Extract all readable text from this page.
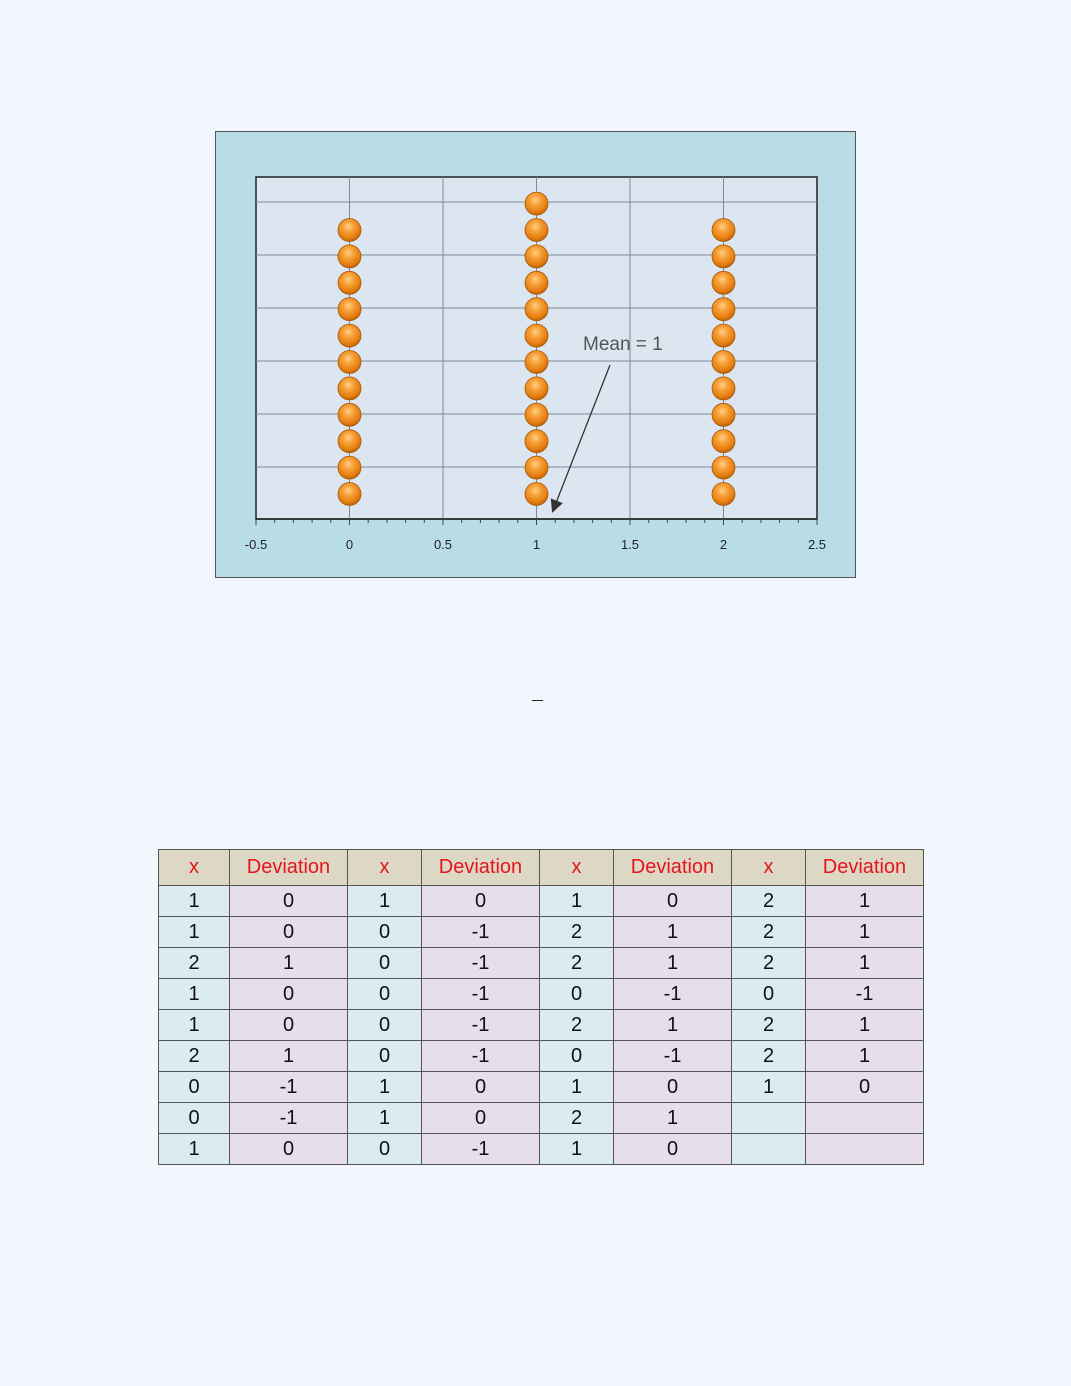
-0.5	0	0.5	1	1.5	2	2.5
Mean = 1
x	Deviation	x	Deviation	x	Deviation	x	Deviation
1	0	1	0	1	0	2	1
1	0	0	-1	2	1	2	1
2	1	0	-1	2	1	2	1
1	0	0	-1	0	-1	0	-1
1	0	0	-1	2	1	2	1
2	1	0	-1	0	-1	2	1
0	-1	1	0	1	0	1	0
0	-1	1	0	2	1		
1	0	0	-1	1	0		
